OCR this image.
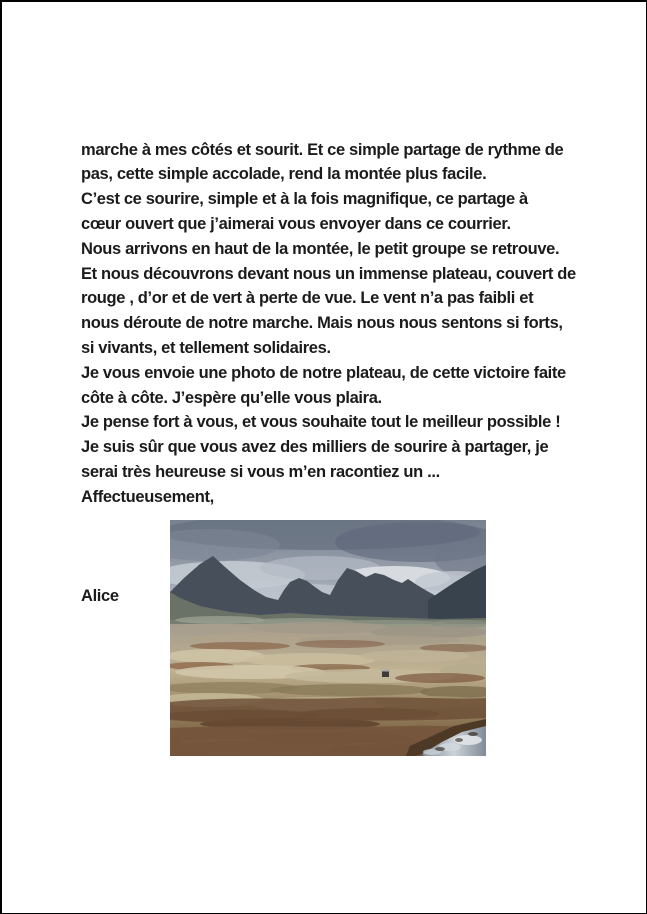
marche à mes côtés et sourit. Et ce simple partage de rythme de
pas, cette simple accolade, rend la montée plus facile.
C’est ce sourire, simple et à la fois magnifique, ce partage à
cœur ouvert que j’aimerai vous envoyer dans ce courrier.
Nous arrivons en haut de la montée, le petit groupe se retrouve.
Et nous découvrons devant nous un immense plateau, couvert de
rouge , d’or et de vert à perte de vue. Le vent n’a pas faibli et
nous déroute de notre marche. Mais nous nous sentons si forts,
si vivants, et tellement solidaires.
Je vous envoie une photo de notre plateau, de cette victoire faite
côte à côte. J’espère qu’elle vous plaira.
Je pense fort à vous, et vous souhaite tout le meilleur possible !
Je suis sûr que vous avez des milliers de sourire à partager, je
serai très heureuse si vous m’en racontiez un ...
Affectueusement,

Alice
